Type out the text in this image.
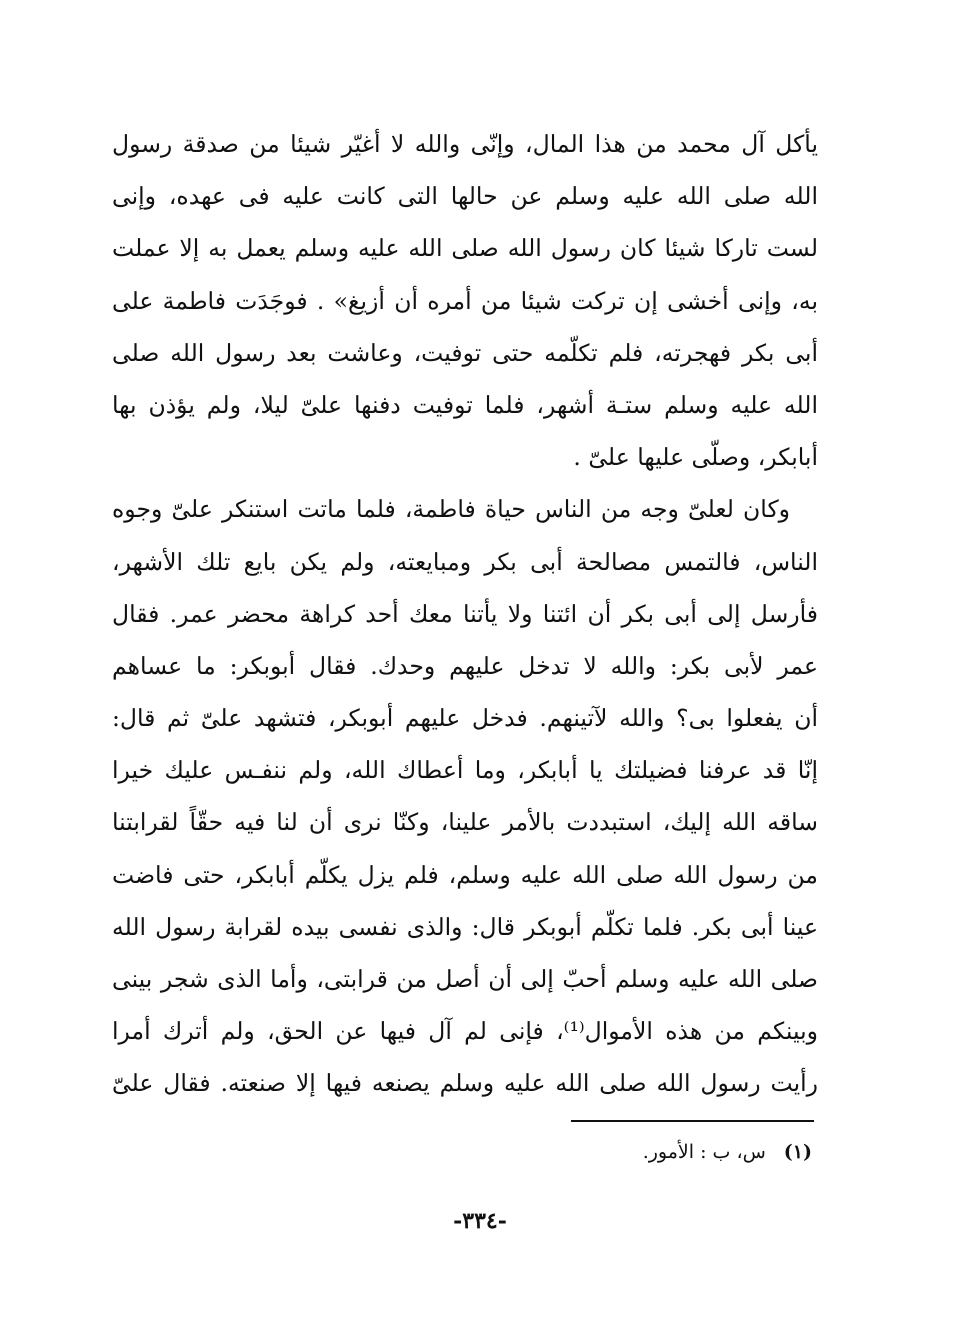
يأكل آل محمد من هذا المال، وإنّى والله لا أغيّر شيئا من صدقة رسول
الله صلى الله عليه وسلم عن حالها التى كانت عليه فى عهده، وإنى
لست تاركا شيئا كان رسول الله صلى الله عليه وسلم يعمل به إلا عملت
به، وإنى أخشى إن تركت شيئا من أمره أن أزيغ» . فوجَدَت فاطمة على
أبى بكر فهجرته، فلم تكلّمه حتى توفيت، وعاشت بعد رسول الله صلى
الله عليه وسلم ستـة أشهر، فلما توفيت دفنها علىّ ليلا، ولم يؤذن بها
أبابكر، وصلّى عليها علىّ .
وكان لعلىّ وجه من الناس حياة فاطمة، فلما ماتت استنكر علىّ وجوه
الناس، فالتمس مصالحة أبى بكر ومبايعته، ولم يكن بايع تلك الأشهر،
فأرسل إلى أبى بكر أن ائتنا ولا يأتنا معك أحد كراهة محضر عمر. فقال
عمر لأبى بكر: والله لا تدخل عليهم وحدك. فقال أبوبكر: ما عساهم
أن يفعلوا بى؟ والله لآتينهم. فدخل عليهم أبوبكر، فتشهد علىّ ثم قال:
إنّا قد عرفنا فضيلتك يا أبابكر، وما أعطاك الله، ولم ننفـس عليك خيرا
ساقه الله إليك، استبددت بالأمر علينا، وكنّا نرى أن لنا فيه حقّاً لقرابتنا
من رسول الله صلى الله عليه وسلم، فلم يزل يكلّم أبابكر، حتى فاضت
عينا أبى بكر. فلما تكلّم أبوبكر قال: والذى نفسى بيده لقرابة رسول الله
صلى الله عليه وسلم أحبّ إلى أن أصل من قرابتى، وأما الذى شجر بينى
وبينكم من هذه الأموال⁽¹⁾، فإنى لم آل فيها عن الحق، ولم أترك أمرا
رأيت رسول الله صلى الله عليه وسلم يصنعه فيها إلا صنعته. فقال علىّ
(١)س، ب : الأمور.
-٣٣٤-
